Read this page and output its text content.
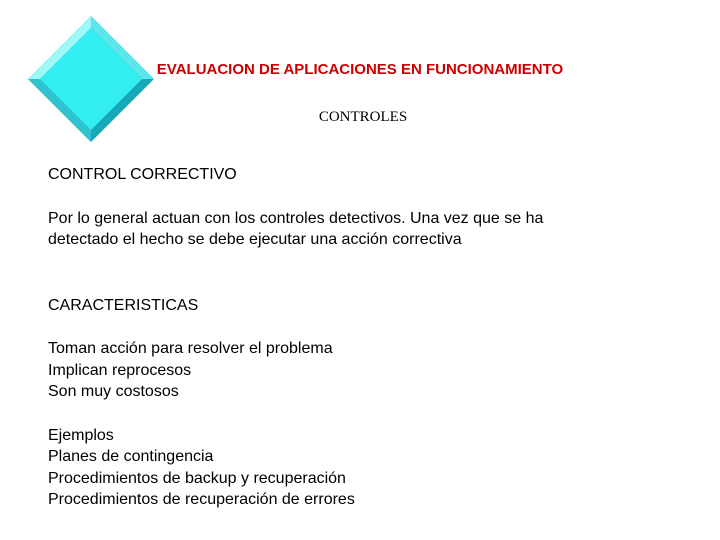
EVALUACION DE APLICACIONES EN FUNCIONAMIENTO
CONTROLES

CONTROL CORRECTIVO

Por lo general actuan con los controles detectivos. Una vez que se ha

detectado el hecho se debe ejecutar una acción correctiva

CARACTERISTICAS

Toman acción para resolver el problema

Implican reprocesos

Son muy costosos

Ejemplos

Planes de contingencia

Procedimientos de backup y recuperación

Procedimientos de recuperación de errores
